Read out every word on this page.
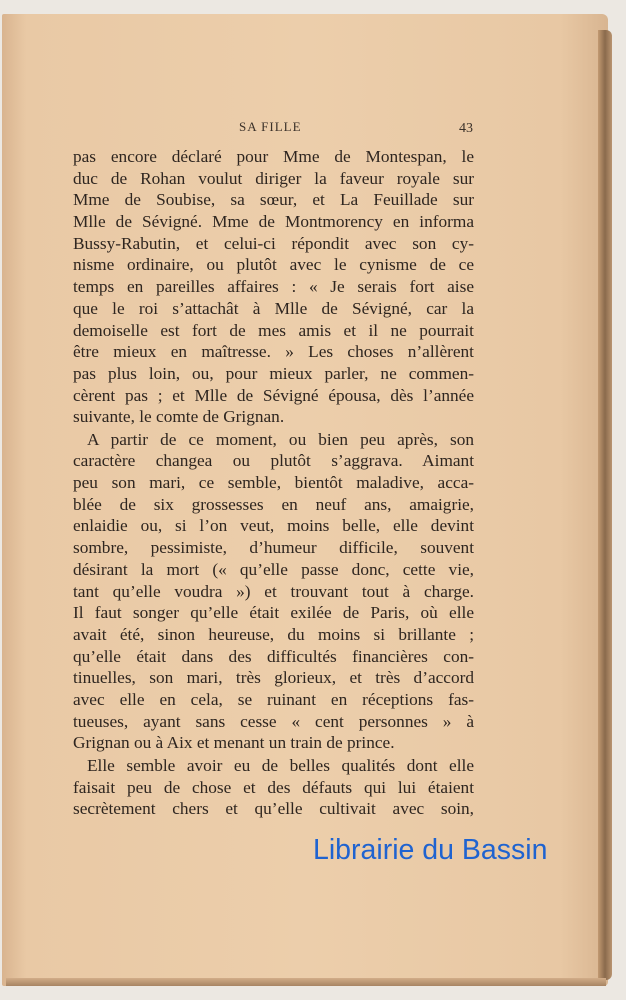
SA FILLE	43
pas encore déclaré pour Mme de Montespan, le
duc de Rohan voulut diriger la faveur royale sur
Mme de Soubise, sa sœur, et La Feuillade sur
Mlle de Sévigné. Mme de Montmorency en informa
Bussy-Rabutin, et celui-ci répondit avec son cy-
nisme ordinaire, ou plutôt avec le cynisme de ce
temps en pareilles affaires : « Je serais fort aise
que le roi s’attachât à Mlle de Sévigné, car la
demoiselle est fort de mes amis et il ne pourrait
être mieux en maîtresse. » Les choses n’allèrent
pas plus loin, ou, pour mieux parler, ne commen-
cèrent pas ; et Mlle de Sévigné épousa, dès l’année
suivante, le comte de Grignan.
A partir de ce moment, ou bien peu après, son
caractère changea ou plutôt s’aggrava. Aimant
peu son mari, ce semble, bientôt maladive, acca-
blée de six grossesses en neuf ans, amaigrie,
enlaidie ou, si l’on veut, moins belle, elle devint
sombre, pessimiste, d’humeur difficile, souvent
désirant la mort (« qu’elle passe donc, cette vie,
tant qu’elle voudra ») et trouvant tout à charge.
Il faut songer qu’elle était exilée de Paris, où elle
avait été, sinon heureuse, du moins si brillante ;
qu’elle était dans des difficultés financières con-
tinuelles, son mari, très glorieux, et très d’accord
avec elle en cela, se ruinant en réceptions fas-
tueuses, ayant sans cesse « cent personnes » à
Grignan ou à Aix et menant un train de prince.
Elle semble avoir eu de belles qualités dont elle
faisait peu de chose et des défauts qui lui étaient
secrètement chers et qu’elle cultivait avec soin,
Librairie du Bassin
